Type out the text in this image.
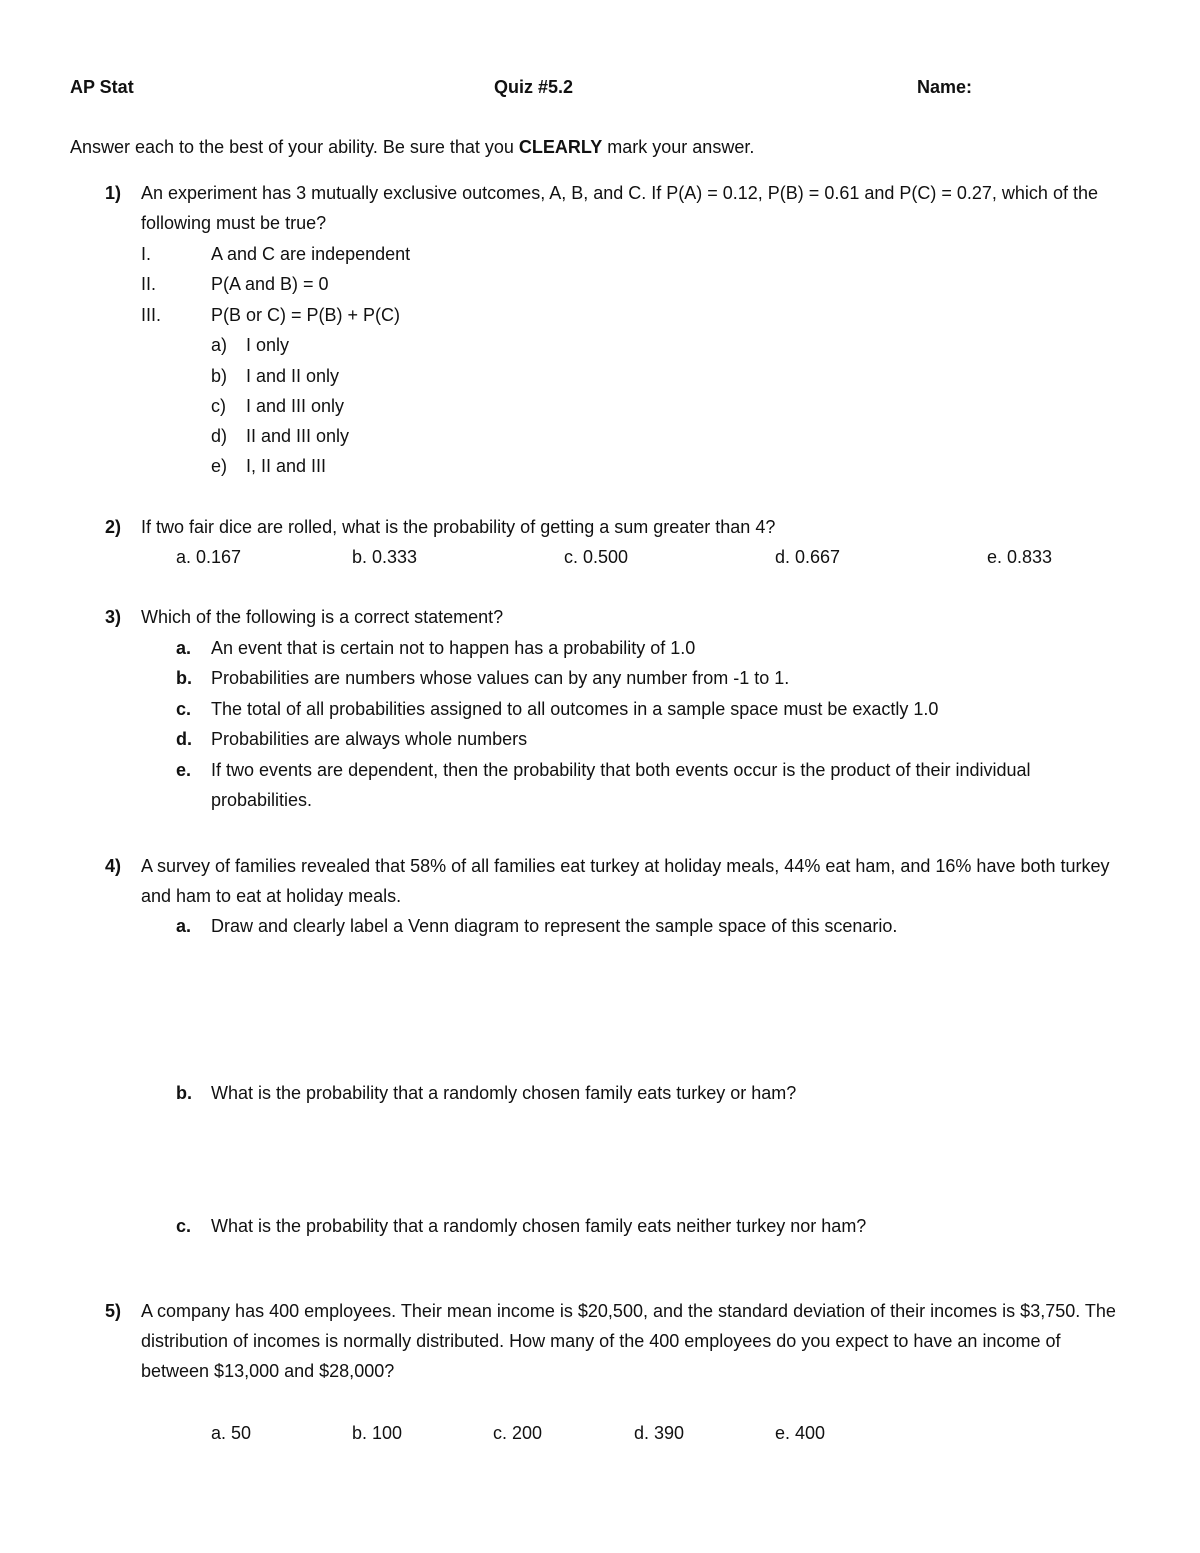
AP Stat	Quiz #5.2	Name:
Answer each to the best of your ability. Be sure that you CLEARLY mark your answer.
1) An experiment has 3 mutually exclusive outcomes, A, B, and C. If P(A) = 0.12, P(B) = 0.61 and P(C) = 0.27, which of the following must be true?
I.	A and C are independent
II.	P(A and B) = 0
III.	P(B or C) = P(B) + P(C)
a) I only
b) I and II only
c) I and III only
d) II and III only
e) I, II and III
2) If two fair dice are rolled, what is the probability of getting a sum greater than 4?
a. 0.167	b. 0.333	c. 0.500	d. 0.667	e. 0.833
3) Which of the following is a correct statement?
a. An event that is certain not to happen has a probability of 1.0
b. Probabilities are numbers whose values can by any number from -1 to 1.
c. The total of all probabilities assigned to all outcomes in a sample space must be exactly 1.0
d. Probabilities are always whole numbers
e. If two events are dependent, then the probability that both events occur is the product of their individual probabilities.
4) A survey of families revealed that 58% of all families eat turkey at holiday meals, 44% eat ham, and 16% have both turkey and ham to eat at holiday meals.
a. Draw and clearly label a Venn diagram to represent the sample space of this scenario.
b. What is the probability that a randomly chosen family eats turkey or ham?
c. What is the probability that a randomly chosen family eats neither turkey nor ham?
5) A company has 400 employees. Their mean income is $20,500, and the standard deviation of their incomes is $3,750. The distribution of incomes is normally distributed. How many of the 400 employees do you expect to have an income of between $13,000 and $28,000?
a. 50	b. 100	c. 200	d. 390	e. 400
